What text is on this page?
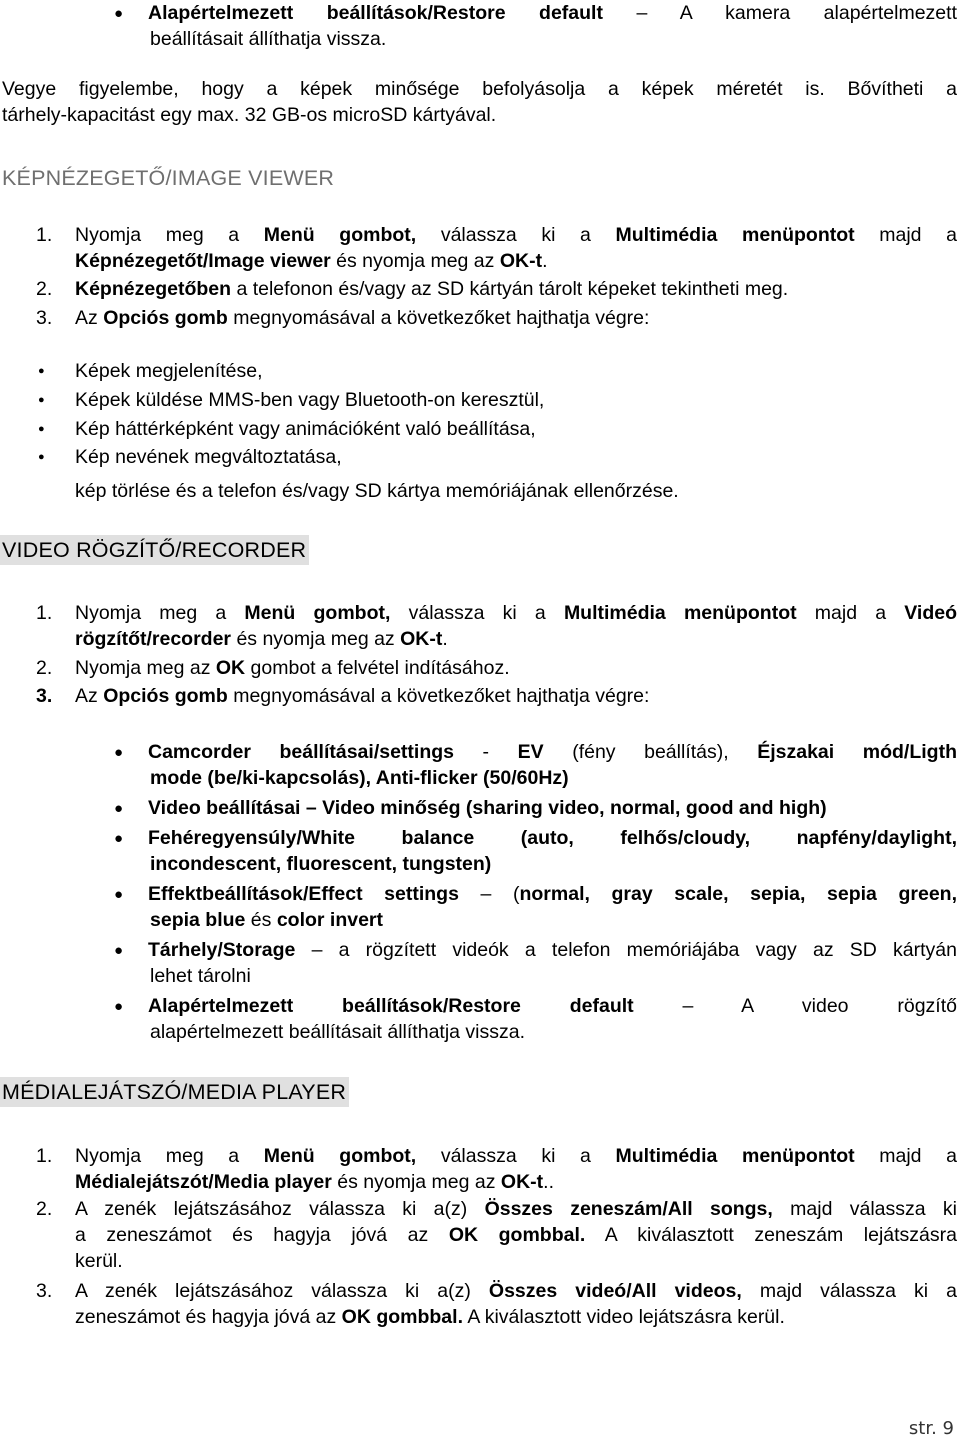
● Alapértelmezett beállítások/Restore default – A kamera alapértelmezett
beállításait állíthatja vissza.
Vegye figyelembe, hogy a képek minősége befolyásolja a képek méretét is. Bővítheti a
tárhely-kapacitást egy max. 32 GB-os microSD kártyával.
KÉPNÉZEGETŐ/IMAGE VIEWER
1. Nyomja meg a Menü gombot, válassza ki a Multimédia menüpontot majd a
Képnézegetőt/Image viewer és nyomja meg az OK-t.
2. Képnézegetőben a telefonon és/vagy az SD kártyán tárolt képeket tekintheti meg.
3. Az Opciós gomb megnyomásával a következőket hajthatja végre:
● Képek megjelenítése,
● Képek küldése MMS-ben vagy Bluetooth-on keresztül,
● Kép háttérképként vagy animációként való beállítása,
● Kép nevének megváltoztatása,
kép törlése és a telefon és/vagy SD kártya memóriájának ellenőrzése.
VIDEO RÖGZÍTŐ/RECORDER
1. Nyomja meg a Menü gombot, válassza ki a Multimédia menüpontot majd a Videó
rögzítőt/recorder és nyomja meg az OK-t.
2. Nyomja meg az OK gombot a felvétel indításához.
3. Az Opciós gomb megnyomásával a következőket hajthatja végre:
● Camcorder beállításai/settings - EV (fény beállítás), Éjszakai mód/Ligth
mode (be/ki-kapcsolás), Anti-flicker (50/60Hz)
● Video beállításai – Video minőség (sharing video, normal, good and high)
● Fehéregyensúly/White balance (auto, felhős/cloudy, napfény/daylight,
incondescent, fluorescent, tungsten)
● Effektbeállítások/Effect settings – (normal, gray scale, sepia, sepia green,
sepia blue és color invert
● Tárhely/Storage – a rögzített videók a telefon memóriájába vagy az SD kártyán
lehet tárolni
● Alapértelmezett beállítások/Restore default – A video rögzítő
alapértelmezett beállításait állíthatja vissza.
MÉDIALEJÁTSZÓ/MEDIA PLAYER
1. Nyomja meg a Menü gombot, válassza ki a Multimédia menüpontot majd a
Médialejátszót/Media player és nyomja meg az OK-t..
2. A zenék lejátszásához válassza ki a(z) Összes zeneszám/All songs, majd válassza ki
a zeneszámot és hagyja jóvá az OK gombbal. A kiválasztott zeneszám lejátszásra
kerül.
3. A zenék lejátszásához válassza ki a(z) Összes videó/All videos, majd válassza ki a
zeneszámot és hagyja jóvá az OK gombbal. A kiválasztott video lejátszásra kerül.
str. 9
